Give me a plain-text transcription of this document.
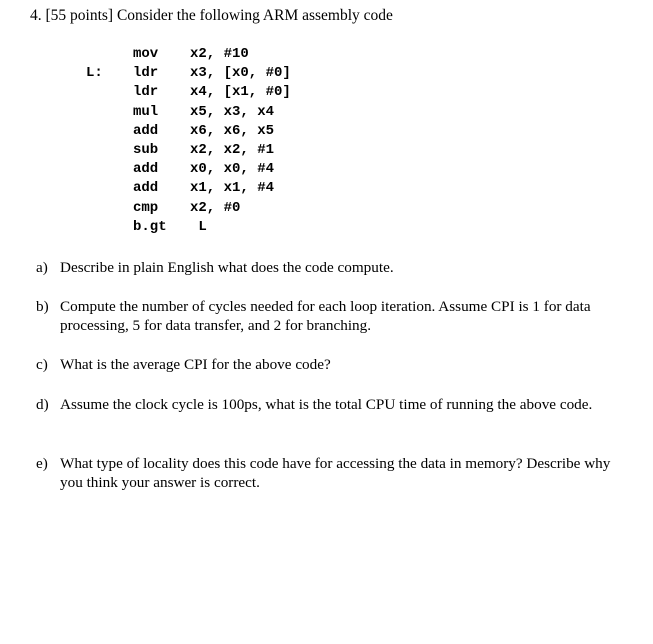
4. [55 points] Consider the following ARM assembly code
mov x2, #10
L: ldr x3, [x0, #0]
ldr x4, [x1, #0]
mul x5, x3, x4
add x6, x6, x5
sub x2, x2, #1
add x0, x0, #4
add x1, x1, #4
cmp x2, #0
b.gt L
a) Describe in plain English what does the code compute.
b) Compute the number of cycles needed for each loop iteration. Assume CPI is 1 for data processing, 5 for data transfer, and 2 for branching.
c) What is the average CPI for the above code?
d) Assume the clock cycle is 100ps, what is the total CPU time of running the above code.
e) What type of locality does this code have for accessing the data in memory? Describe why you think your answer is correct.
